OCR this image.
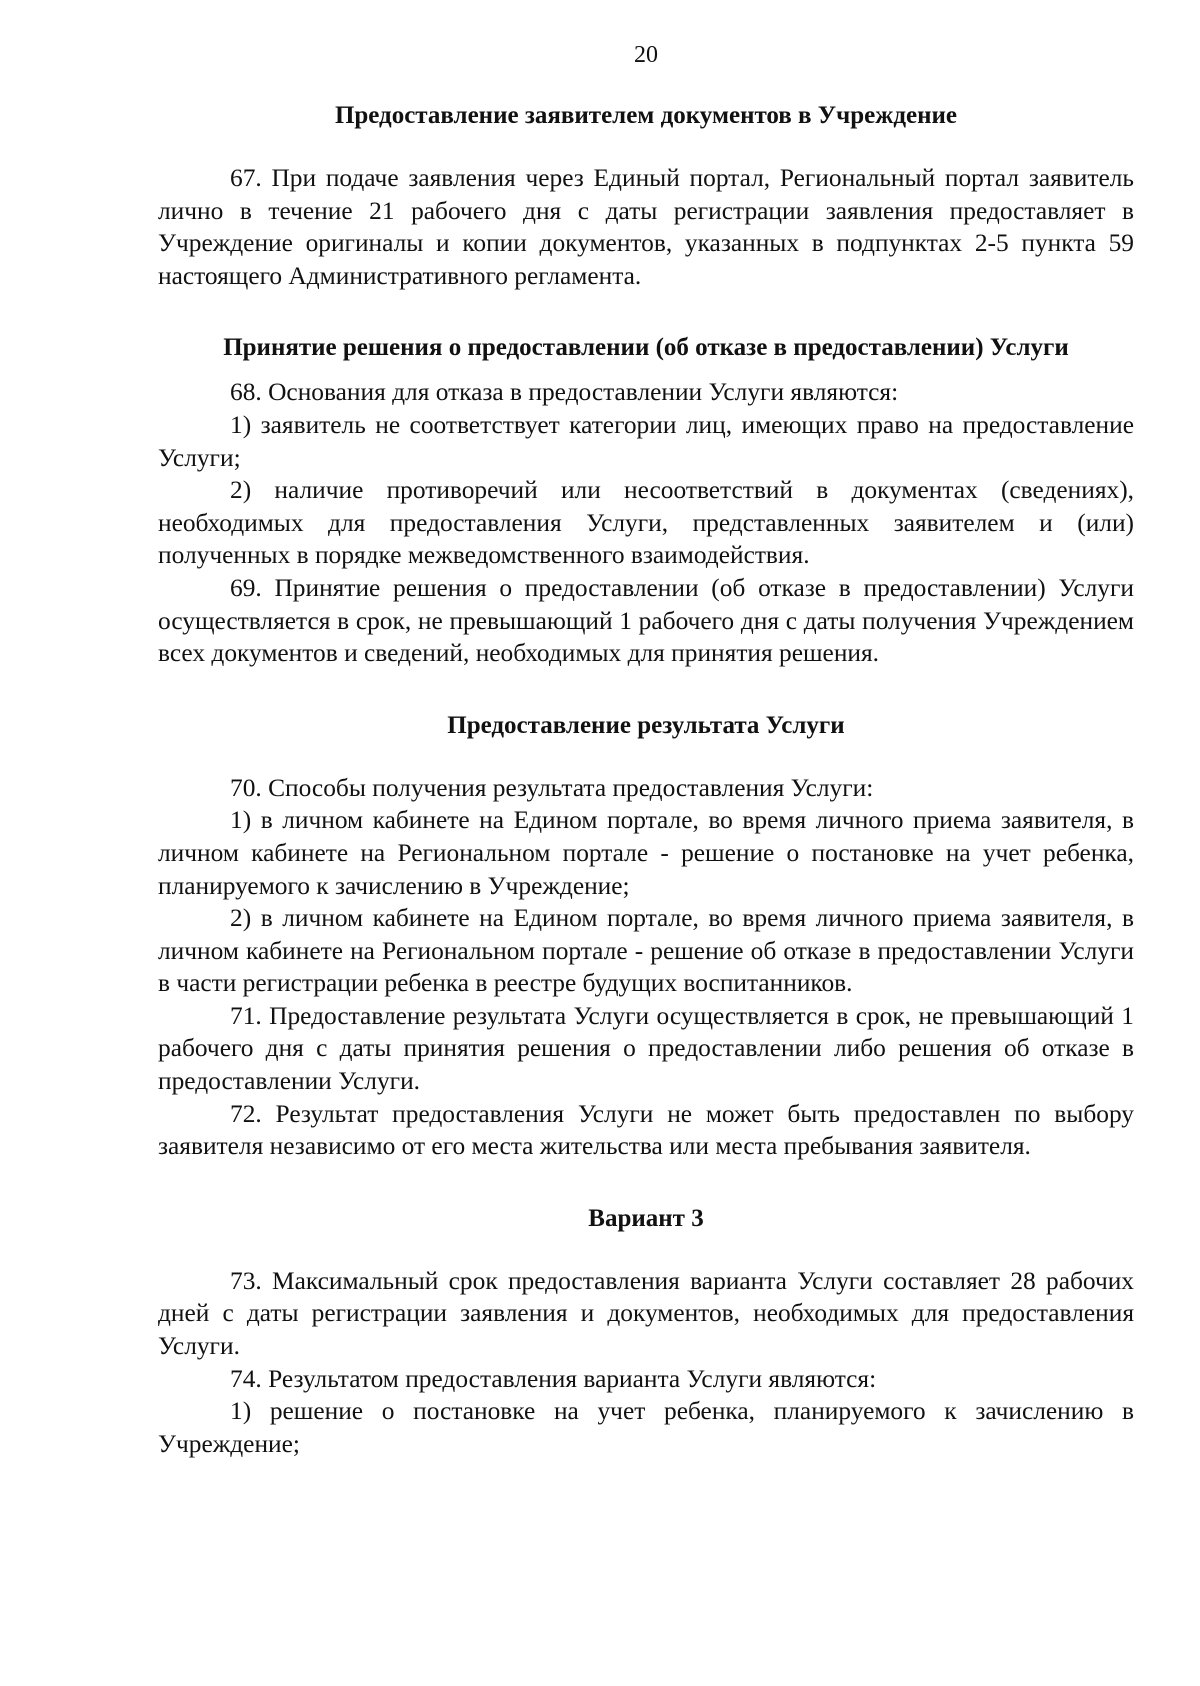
20
Предоставление заявителем документов в Учреждение

67. При подаче заявления через Единый портал, Региональный портал заявитель лично в течение 21 рабочего дня с даты регистрации заявления предоставляет в Учреждение оригиналы и копии документов, указанных в подпунктах 2-5 пункта 59 настоящего Административного регламента.

Принятие решения о предоставлении (об отказе в предоставлении) Услуги

68. Основания для отказа в предоставлении Услуги являются:

1) заявитель не соответствует категории лиц, имеющих право на предоставление Услуги;

2) наличие противоречий или несоответствий в документах (сведениях), необходимых для предоставления Услуги, представленных заявителем и (или) полученных в порядке межведомственного взаимодействия.

69. Принятие решения о предоставлении (об отказе в предоставлении) Услуги осуществляется в срок, не превышающий 1 рабочего дня с даты получения Учреждением всех документов и сведений, необходимых для принятия решения.

Предоставление результата Услуги

70. Способы получения результата предоставления Услуги:

1) в личном кабинете на Едином портале, во время личного приема заявителя, в личном кабинете на Региональном портале - решение о постановке на учет ребенка, планируемого к зачислению в Учреждение;

2) в личном кабинете на Едином портале, во время личного приема заявителя, в личном кабинете на Региональном портале - решение об отказе в предоставлении Услуги в части регистрации ребенка в реестре будущих воспитанников.

71. Предоставление результата Услуги осуществляется в срок, не превышающий 1 рабочего дня с даты принятия решения о предоставлении либо решения об отказе в предоставлении Услуги.

72. Результат предоставления Услуги не может быть предоставлен по выбору заявителя независимо от его места жительства или места пребывания заявителя.

Вариант 3

73. Максимальный срок предоставления варианта Услуги составляет 28 рабочих дней с даты регистрации заявления и документов, необходимых для предоставления Услуги.

74. Результатом предоставления варианта Услуги являются:

1) решение о постановке на учет ребенка, планируемого к зачислению в Учреждение;
